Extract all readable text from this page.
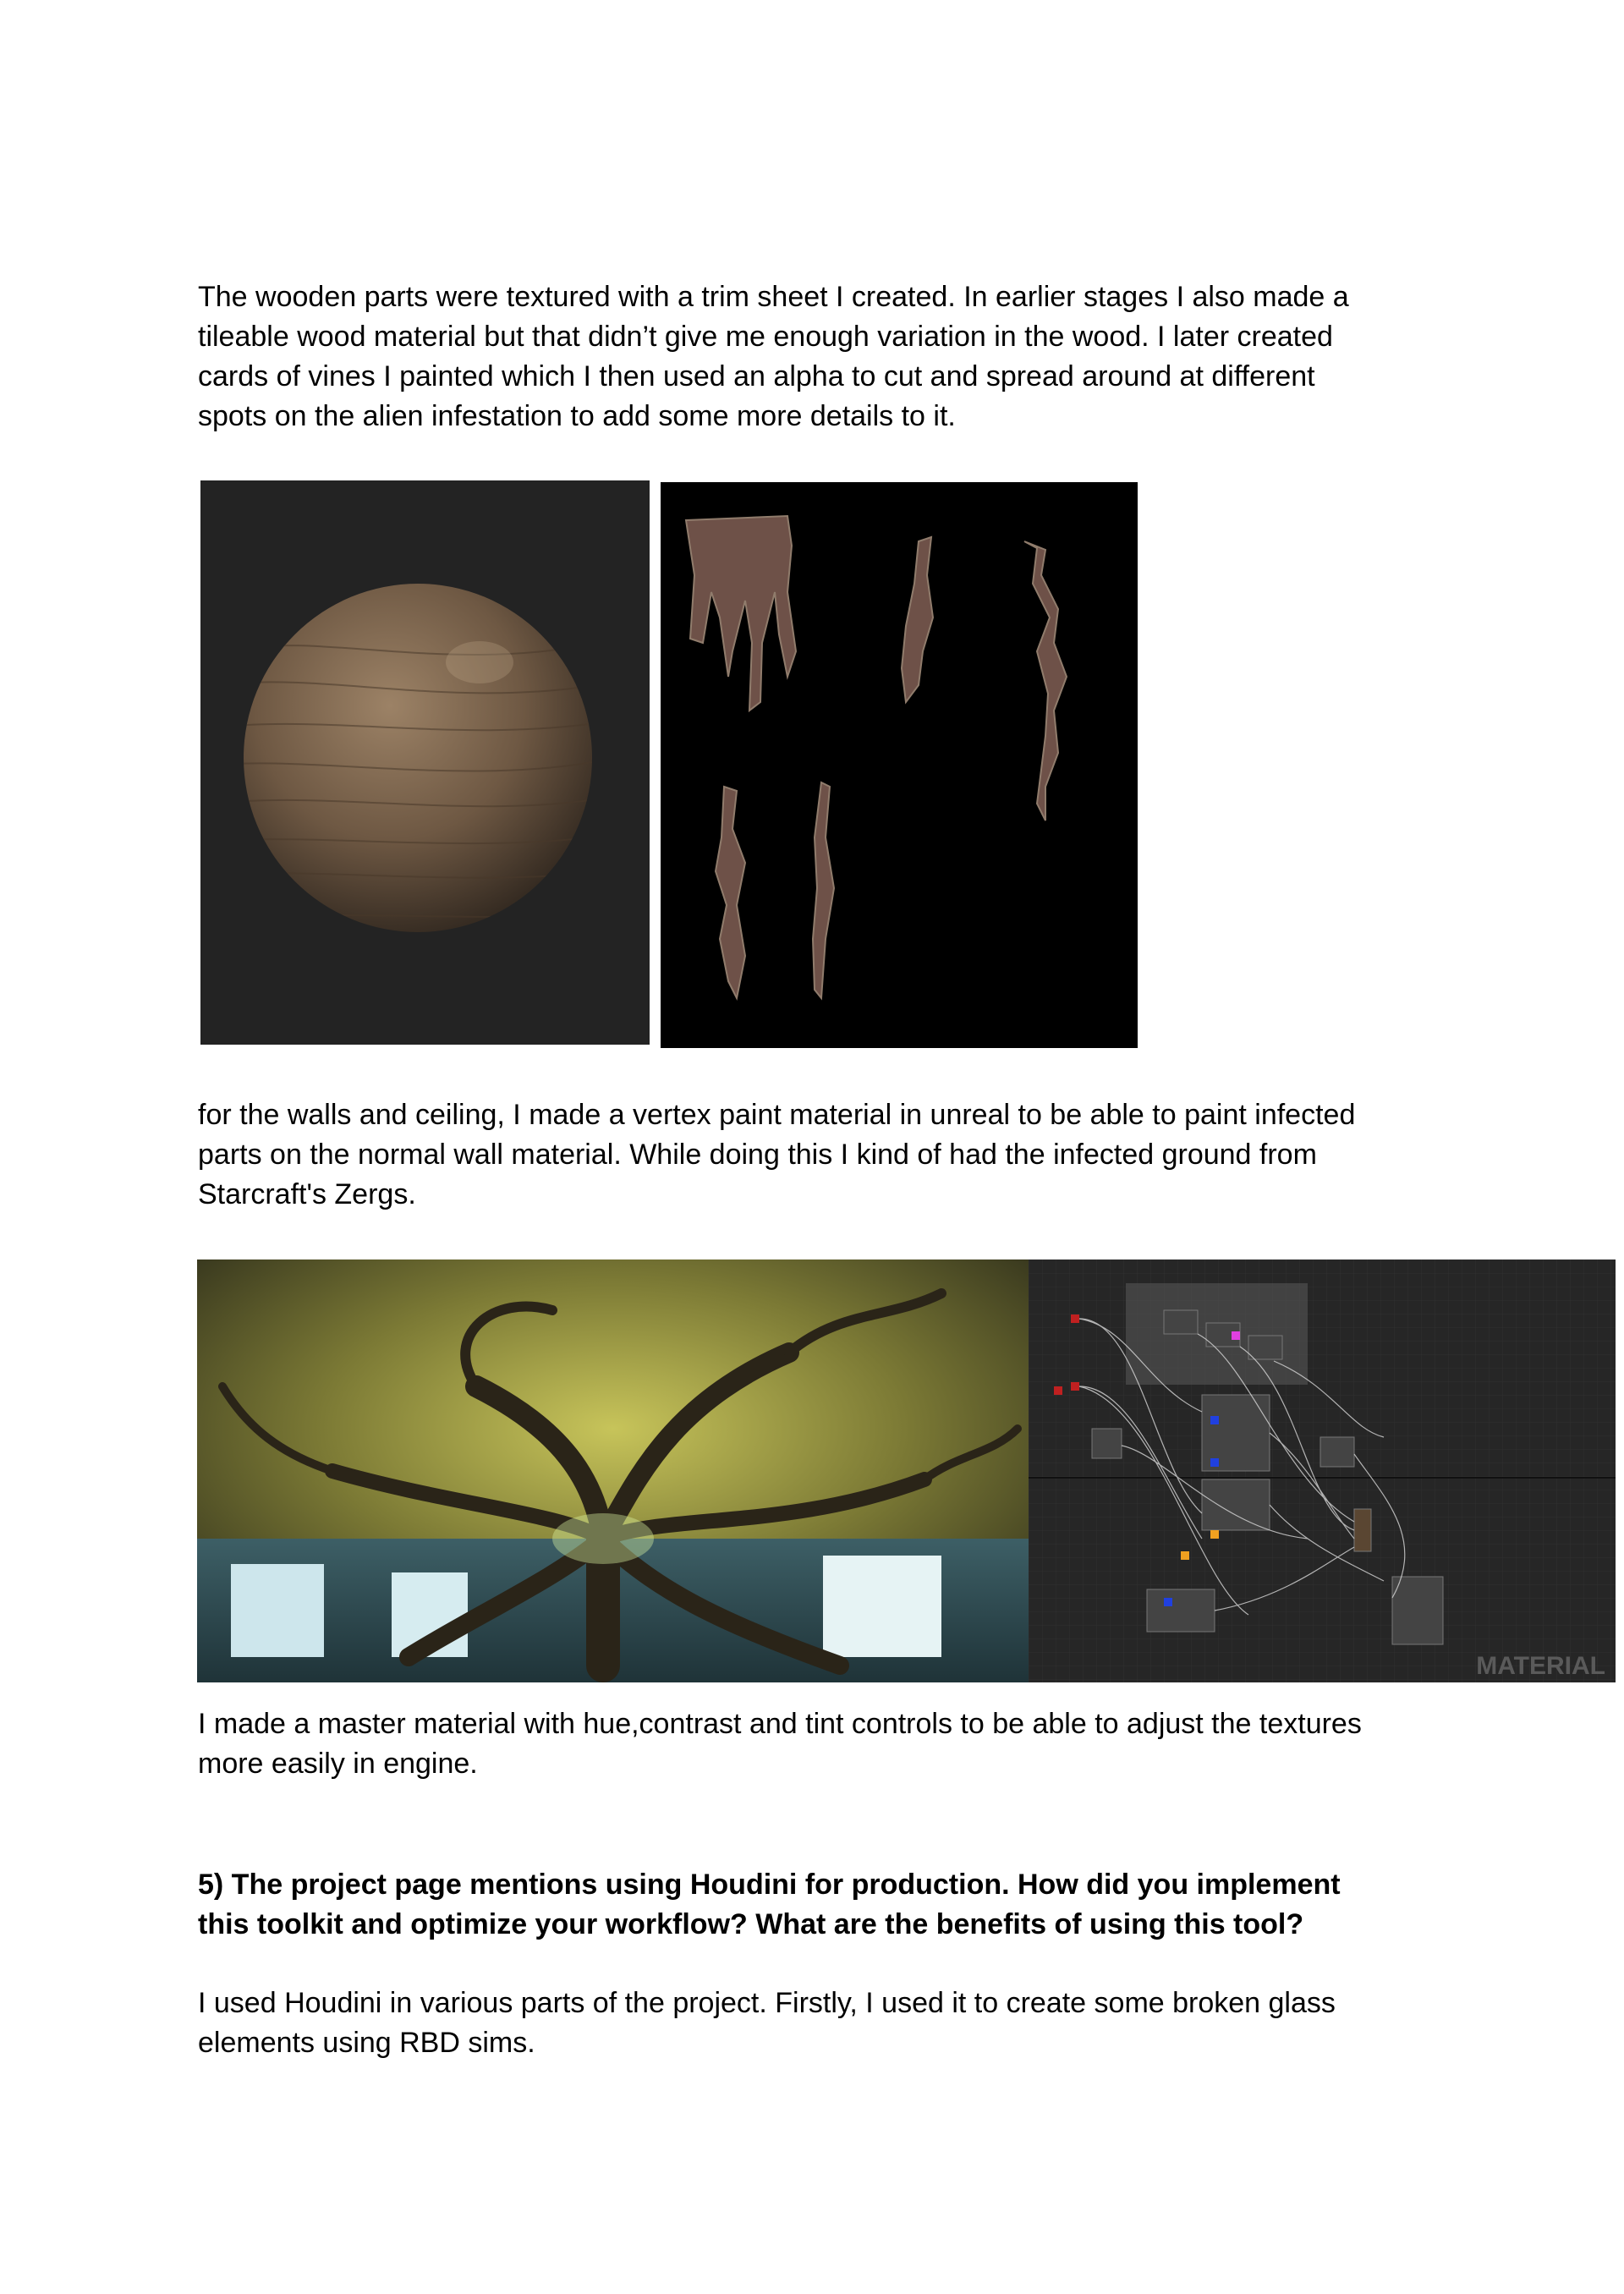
The wooden parts were textured with a trim sheet I created. In earlier stages I also made a
tileable wood material but that didn’t give me enough variation in the wood. I later created
cards of vines I painted which I then used an alpha to cut and spread around at different
spots on the alien infestation to add some more details to it.
for the walls and ceiling, I made a vertex paint material in unreal to be able to paint infected
parts on the normal wall material. While doing this I kind of had the infected ground from
Starcraft's Zergs.
MATERIAL
I made a master material with hue,contrast and tint controls to be able to adjust the textures
more easily in engine.
5) The project page mentions using Houdini for production. How did you implement
this toolkit and optimize your workflow? What are the benefits of using this tool?
I used Houdini in various parts of the project. Firstly, I used it to create some broken glass
elements using RBD sims.
